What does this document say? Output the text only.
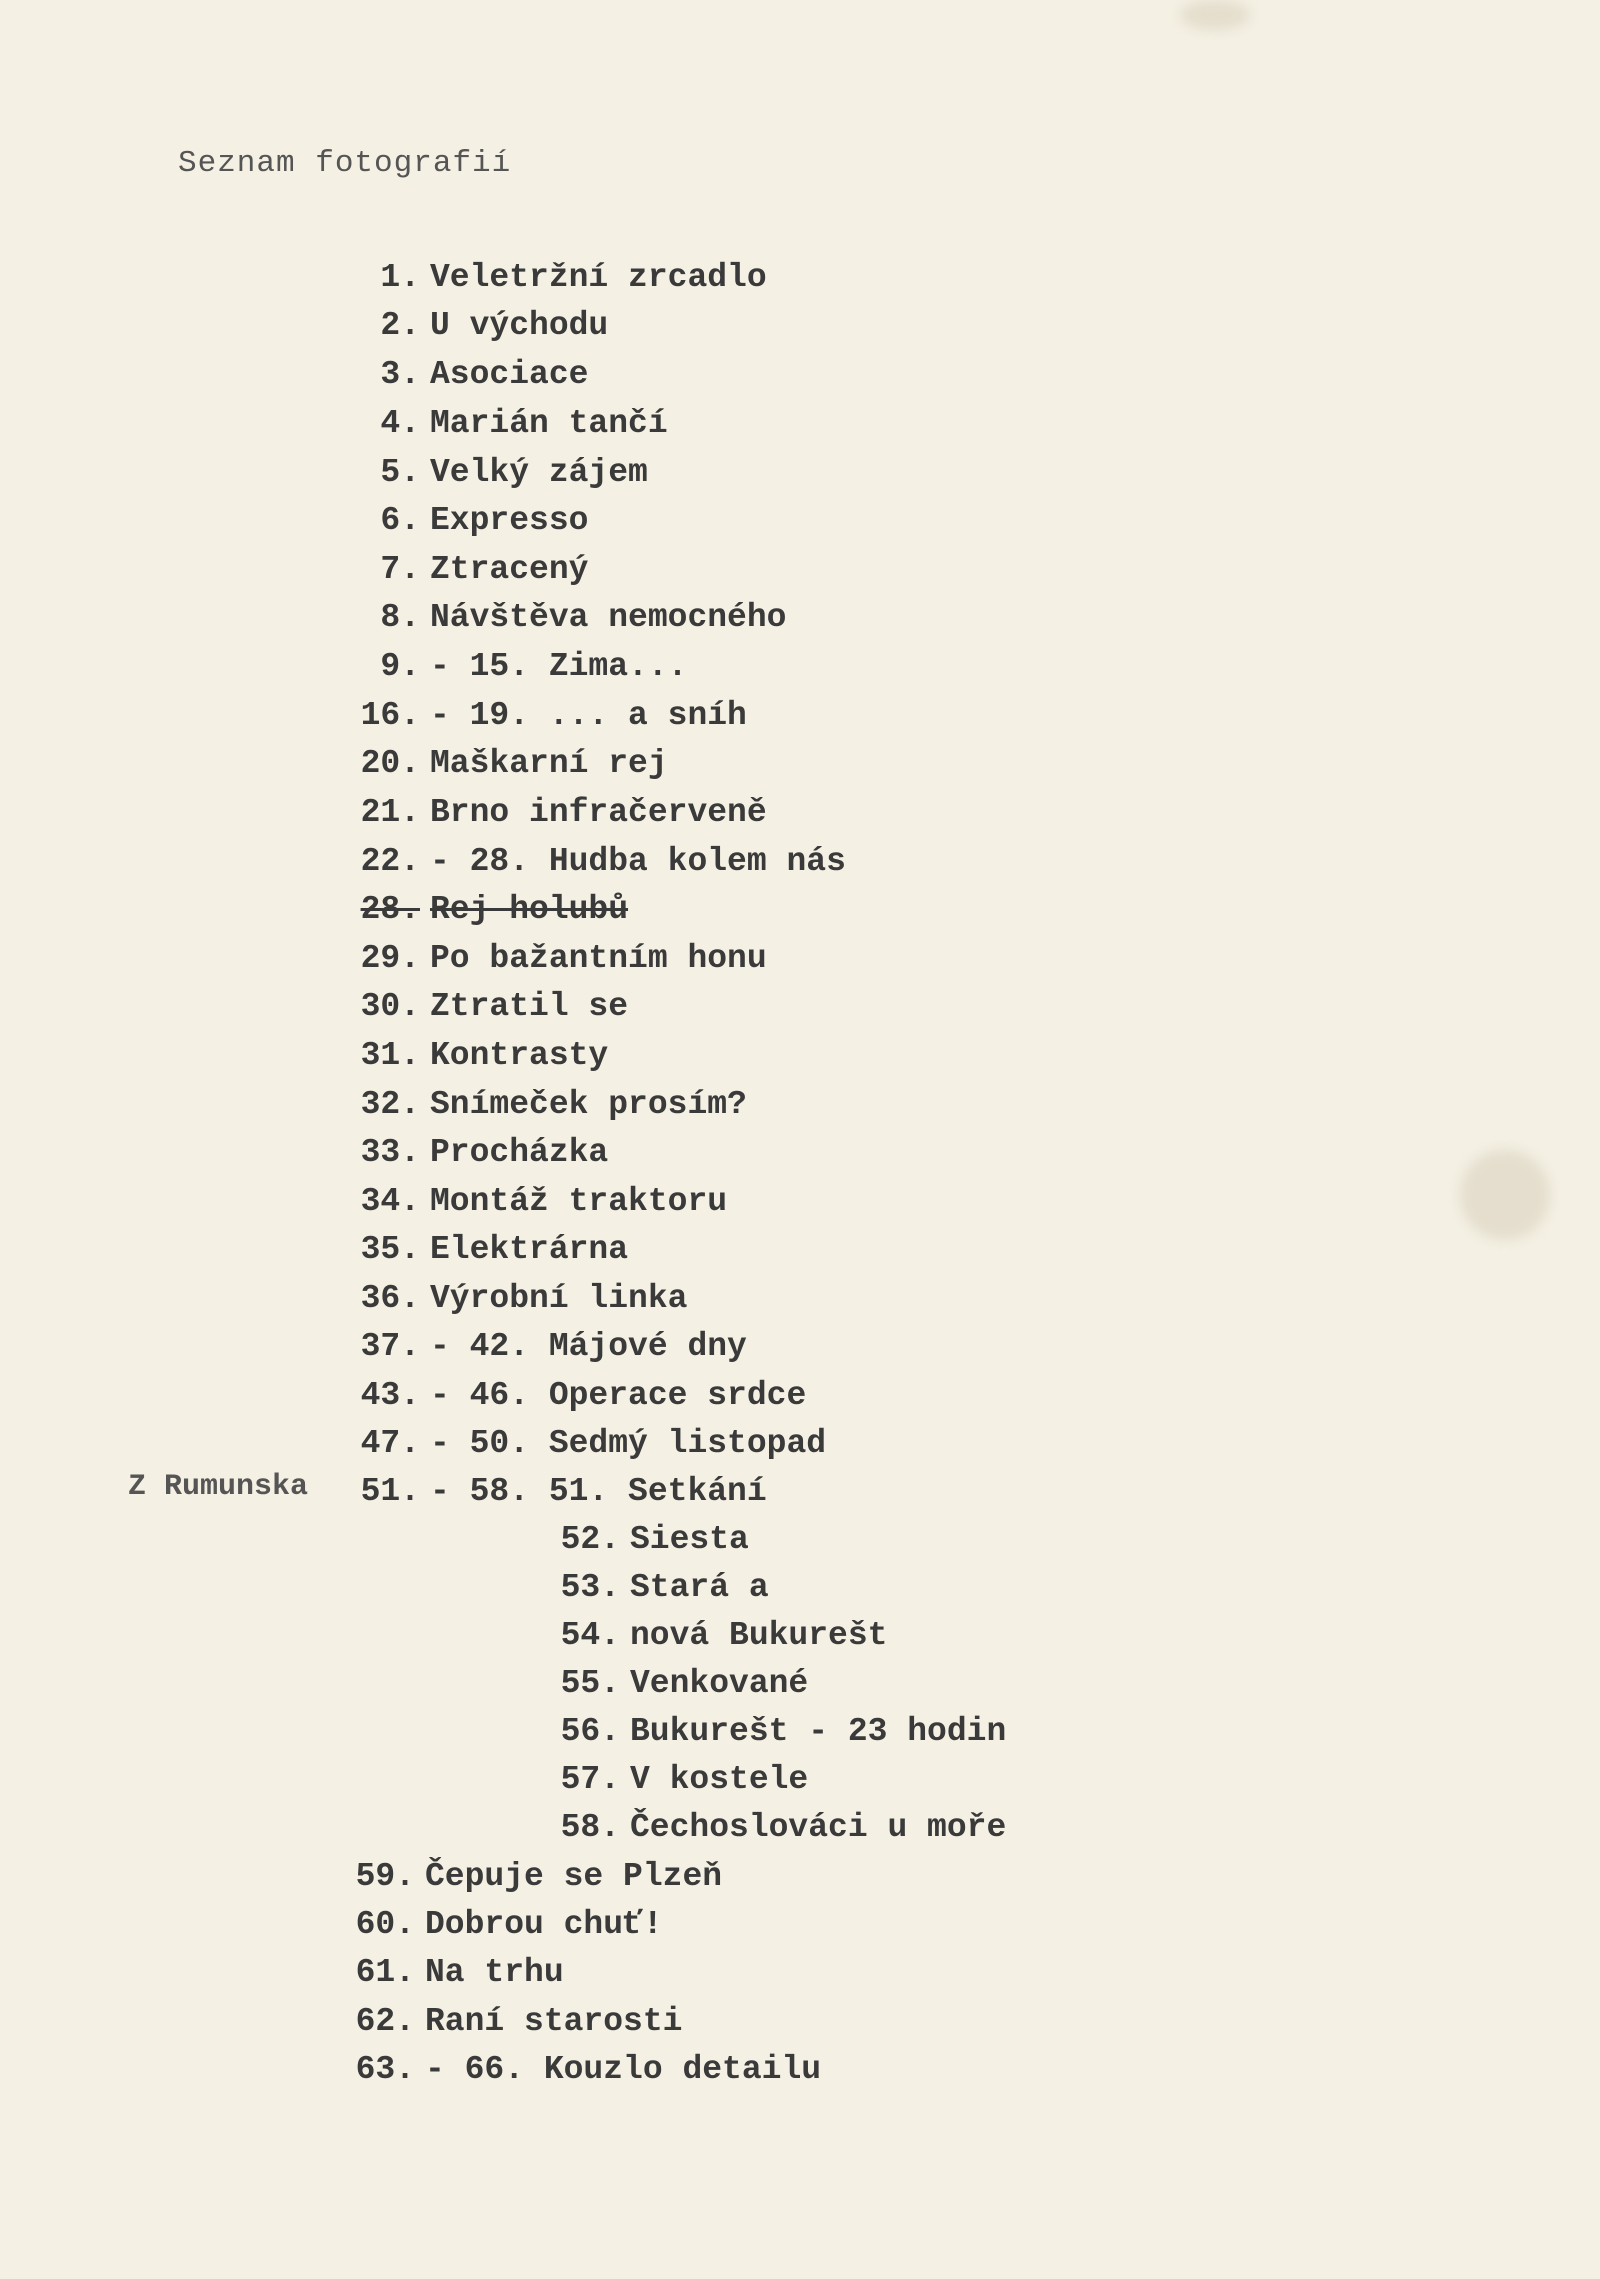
Seznam fotografií
Z Rumunska
1. Veletržní zrcadlo
2. U východu
3. Asociace
4. Marián tančí
5. Velký zájem
6. Expresso
7. Ztracený
8. Návštěva nemocného
9. - 15. Zima...
16. - 19. ... a sníh
20. Maškarní rej
21. Brno infračerveně
22. - 28. Hudba kolem nás
28. Rej holubů
29. Po bažantním honu
30. Ztratil se
31. Kontrasty
32. Snímeček prosím?
33. Procházka
34. Montáž traktoru
35. Elektrárna
36. Výrobní linka
37. - 42. Májové dny
43. - 46. Operace srdce
47. - 50. Sedmý listopad
51. - 58. 51. Setkání
52. Siesta
53. Stará a
54. nová Bukurešt
55. Venkované
56. Bukurešt - 23 hodin
57. V kostele
58. Čechoslováci u moře
59. Čepuje se Plzeň
60. Dobrou chuť!
61. Na trhu
62. Raní starosti
63. - 66. Kouzlo detailu
